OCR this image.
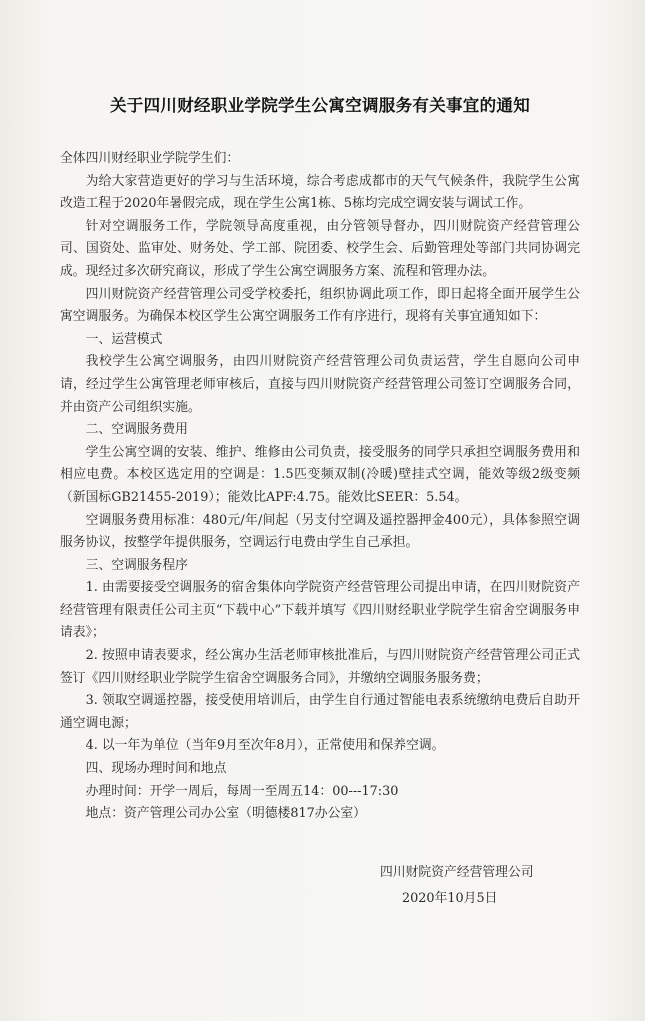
关于四川财经职业学院学生公寓空调服务有关事宜的通知

全体四川财经职业学院学生们：

为给大家营造更好的学习与生活环境，综合考虑成都市的天气气候条件，我院学生公寓改造工程于2020年暑假完成，现在学生公寓1栋、5栋均完成空调安装与调试工作。

针对空调服务工作，学院领导高度重视，由分管领导督办，四川财院资产经营管理公司、国资处、监审处、财务处、学工部、院团委、校学生会、后勤管理处等部门共同协调完成。现经过多次研究商议，形成了学生公寓空调服务方案、流程和管理办法。

四川财院资产经营管理公司受学校委托，组织协调此项工作，即日起将全面开展学生公寓空调服务。为确保本校区学生公寓空调服务工作有序进行，现将有关事宜通知如下：

一、运营模式

我校学生公寓空调服务，由四川财院资产经营管理公司负责运营，学生自愿向公司申请，经过学生公寓管理老师审核后，直接与四川财院资产经营管理公司签订空调服务合同，并由资产公司组织实施。

二、空调服务费用

学生公寓空调的安装、维护、维修由公司负责，接受服务的同学只承担空调服务费用和相应电费。本校区选定用的空调是：1.5匹变频双制(冷暖)壁挂式空调，能效等级2级变频（新国标GB21455-2019）；能效比APF:4.75。能效比SEER：5.54。

空调服务费用标准：480元/年/间起（另支付空调及遥控器押金400元），具体参照空调服务协议，按整学年提供服务，空调运行电费由学生自己承担。

三、空调服务程序

1. 由需要接受空调服务的宿舍集体向学院资产经营管理公司提出申请，在四川财院资产经营管理有限责任公司主页“下载中心”下载并填写《四川财经职业学院学生宿舍空调服务申请表》；

2. 按照申请表要求，经公寓办生活老师审核批准后，与四川财院资产经营管理公司正式签订《四川财经职业学院学生宿舍空调服务合同》，并缴纳空调服务服务费；

3. 领取空调遥控器，接受使用培训后，由学生自行通过智能电表系统缴纳电费后自助开通空调电源；

4. 以一年为单位（当年9月至次年8月），正常使用和保养空调。

四、现场办理时间和地点

办理时间：开学一周后，每周一至周五14：00---17:30

地点：资产管理公司办公室（明德楼817办公室）

四川财院资产经营管理公司
2020年10月5日
